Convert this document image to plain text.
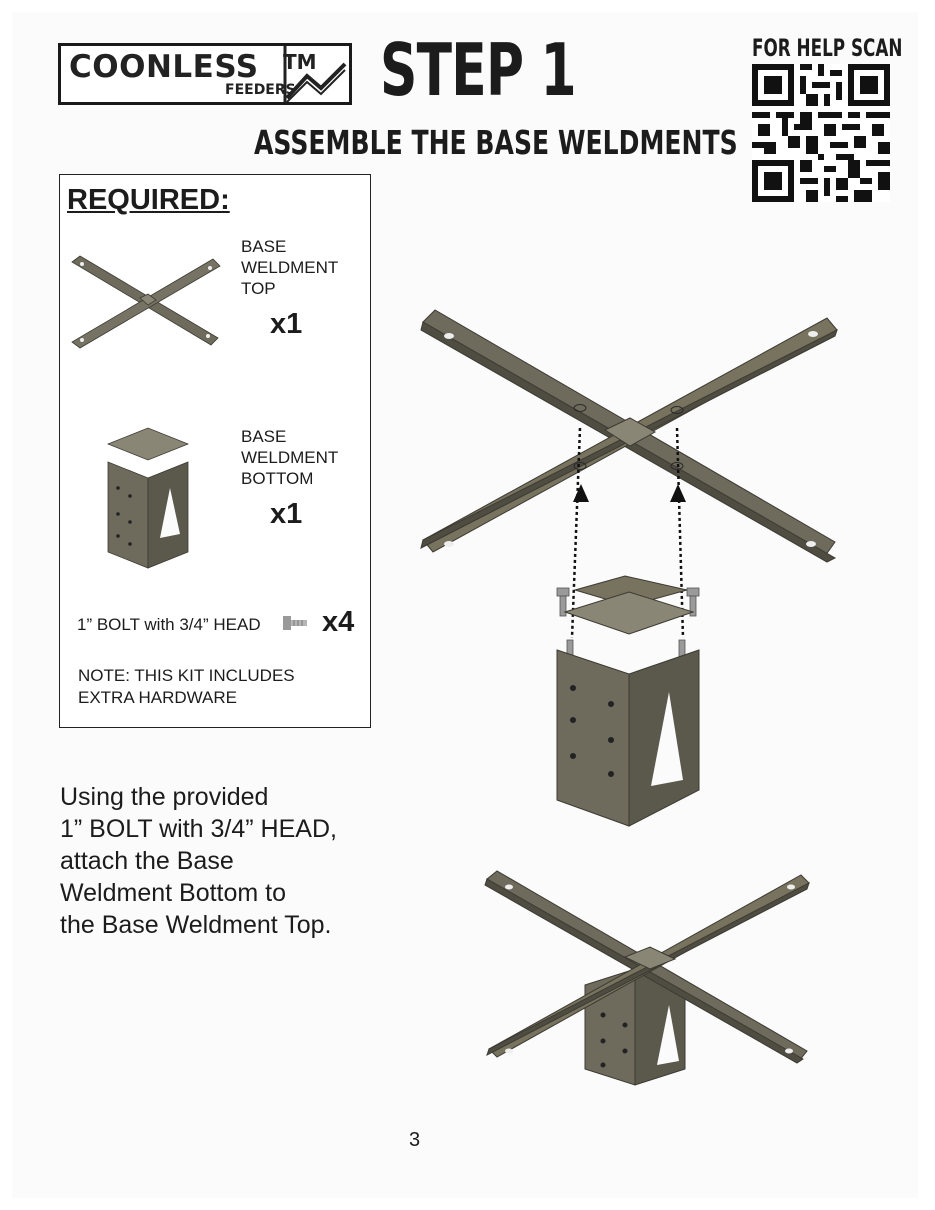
COONLESS TM
FEEDERS STEP 1
ASSEMBLE THE BASE WELDMENTS
FOR HELP SCAN
REQUIRED:
BASE
WELDMENT
TOP
x1
BASE
WELDMENT
BOTTOM
x1
1” BOLT with 3/4” HEAD x4
NOTE: THIS KIT INCLUDES
EXTRA HARDWARE
Using the provided
1” BOLT with 3/4” HEAD,
attach the Base
Weldment Bottom to
the Base Weldment Top.
3
